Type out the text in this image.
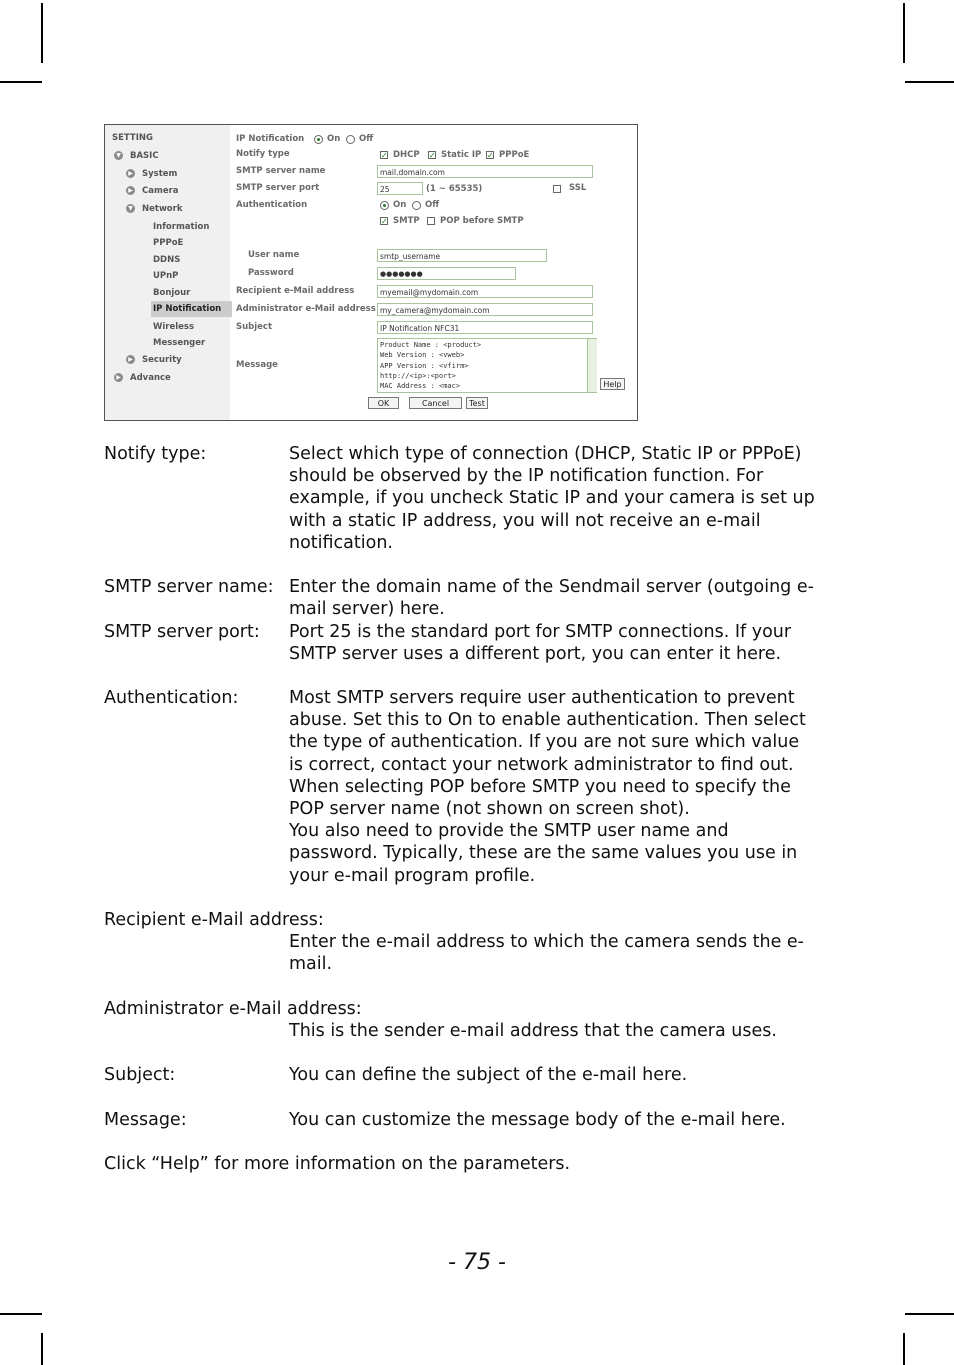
SETTING
▼ BASIC
▶ System
▶ Camera
▼ Network
Information
PPPoE
DDNS
UPnP
Bonjour
IP Notification
Wireless
Messenger
▶ Security
▶ Advance
IP Notification	On Off
Notify type	✓ DHCP ✓ Static IP ✓ PPPoE
SMTP server name	mail.domain.com
SMTP server port	25	(1 ~ 65535)	SSL
Authentication	On Off
✓ SMTP POP before SMTP
User name	smtp_username
Password	●●●●●●●
Recipient e-Mail address	myemail@mydomain.com
Administrator e-Mail address my_camera@mydomain.com
Subject	IP Notification NFC31
Message
Product Name : <product>
Web Version : <vweb>
APP Version : <vfirm>
http://<ip>:<port>
MAC Address : <mac>	Help
OK	Cancel	Test
Notify type:	Select which type of connection (DHCP, Static IP or PPPoE)
should be observed by the IP notification function. For
example, if you uncheck Static IP and your camera is set up
with a static IP address, you will not receive an e-mail
notification.
SMTP server name: Enter the domain name of the Sendmail server (outgoing e-
mail server) here.
SMTP server port: Port 25 is the standard port for SMTP connections. If your
SMTP server uses a different port, you can enter it here.
Authentication:	Most SMTP servers require user authentication to prevent
abuse. Set this to On to enable authentication. Then select
the type of authentication. If you are not sure which value
is correct, contact your network administrator to find out.
When selecting POP before SMTP you need to specify the
POP server name (not shown on screen shot).
You also need to provide the SMTP user name and
password. Typically, these are the same values you use in
your e-mail program profile.
Recipient e-Mail address:
Enter the e-mail address to which the camera sends the e-
mail.
Administrator e-Mail address:
This is the sender e-mail address that the camera uses.
Subject:	You can define the subject of the e-mail here.
Message:	You can customize the message body of the e-mail here.
Click “Help” for more information on the parameters.
- 75 -
